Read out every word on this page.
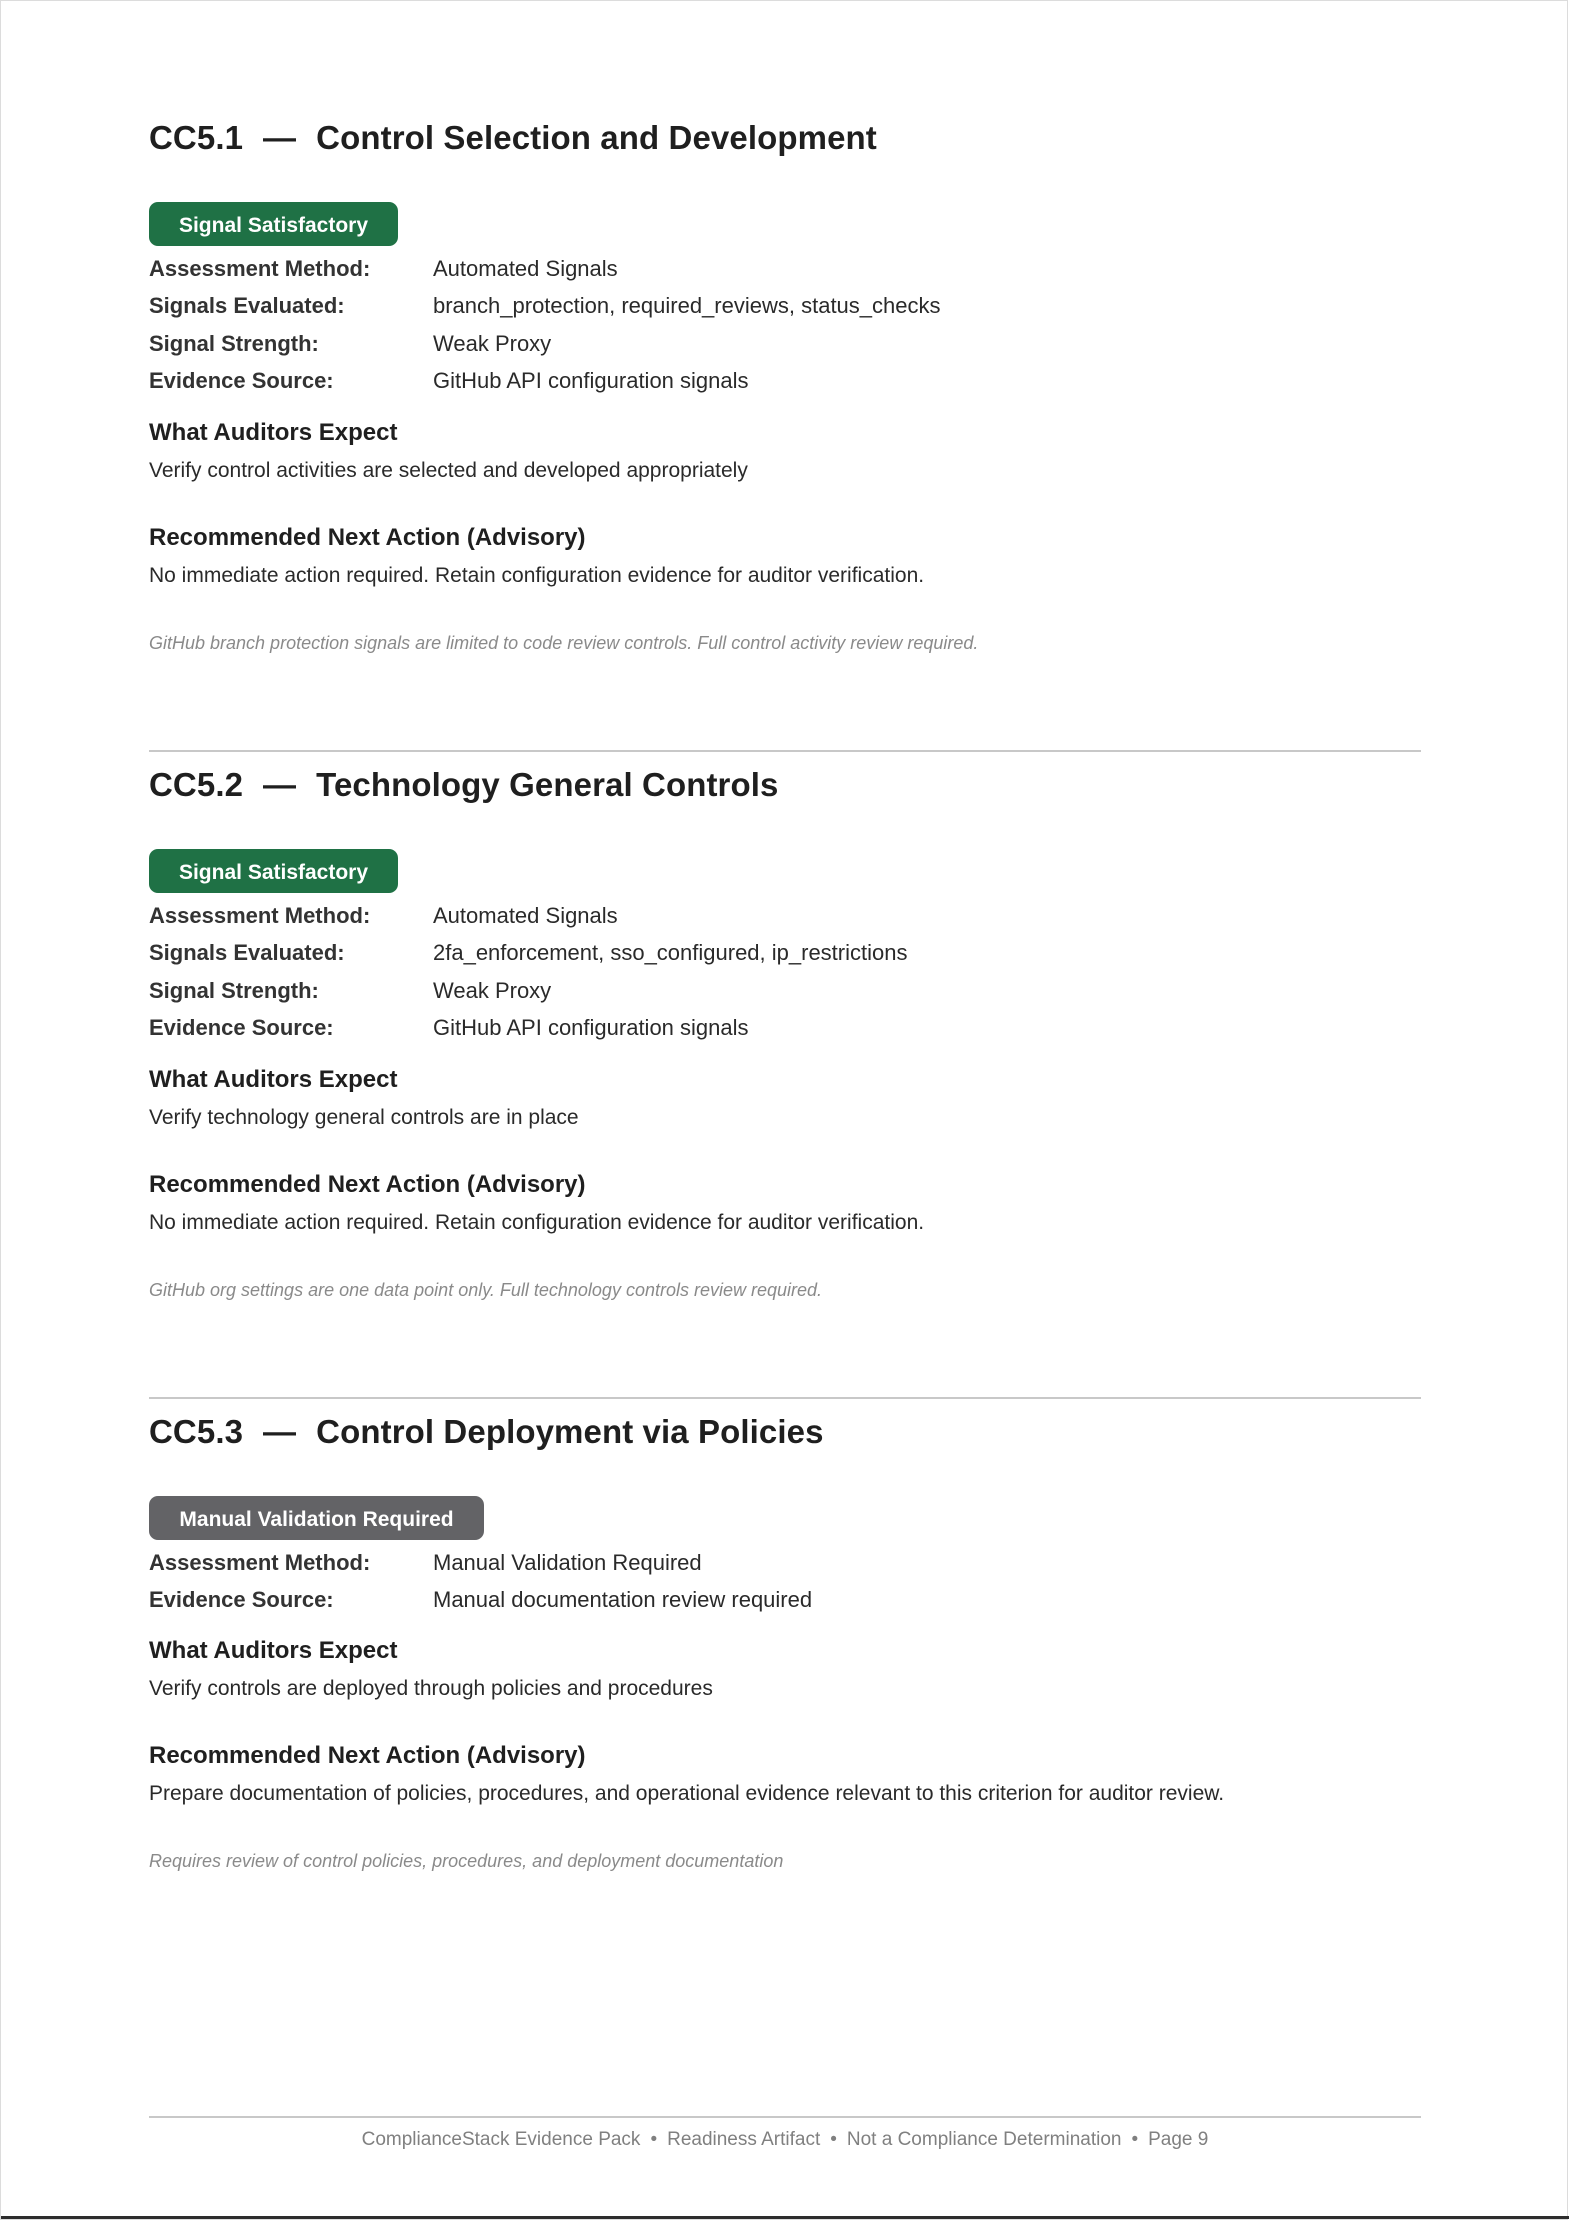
CC5.1 — Control Selection and Development
Signal Satisfactory
Assessment Method:	Automated Signals
Signals Evaluated:	branch_protection, required_reviews, status_checks
Signal Strength:	Weak Proxy
Evidence Source:	GitHub API configuration signals
What Auditors Expect
Verify control activities are selected and developed appropriately
Recommended Next Action (Advisory)
No immediate action required. Retain configuration evidence for auditor verification.
GitHub branch protection signals are limited to code review controls. Full control activity review required.
CC5.2 — Technology General Controls
Signal Satisfactory
Assessment Method:	Automated Signals
Signals Evaluated:	2fa_enforcement, sso_configured, ip_restrictions
Signal Strength:	Weak Proxy
Evidence Source:	GitHub API configuration signals
What Auditors Expect
Verify technology general controls are in place
Recommended Next Action (Advisory)
No immediate action required. Retain configuration evidence for auditor verification.
GitHub org settings are one data point only. Full technology controls review required.
CC5.3 — Control Deployment via Policies
Manual Validation Required
Assessment Method:	Manual Validation Required
Evidence Source:	Manual documentation review required
What Auditors Expect
Verify controls are deployed through policies and procedures
Recommended Next Action (Advisory)
Prepare documentation of policies, procedures, and operational evidence relevant to this criterion for auditor review.
Requires review of control policies, procedures, and deployment documentation
ComplianceStack Evidence Pack • Readiness Artifact • Not a Compliance Determination • Page 9
